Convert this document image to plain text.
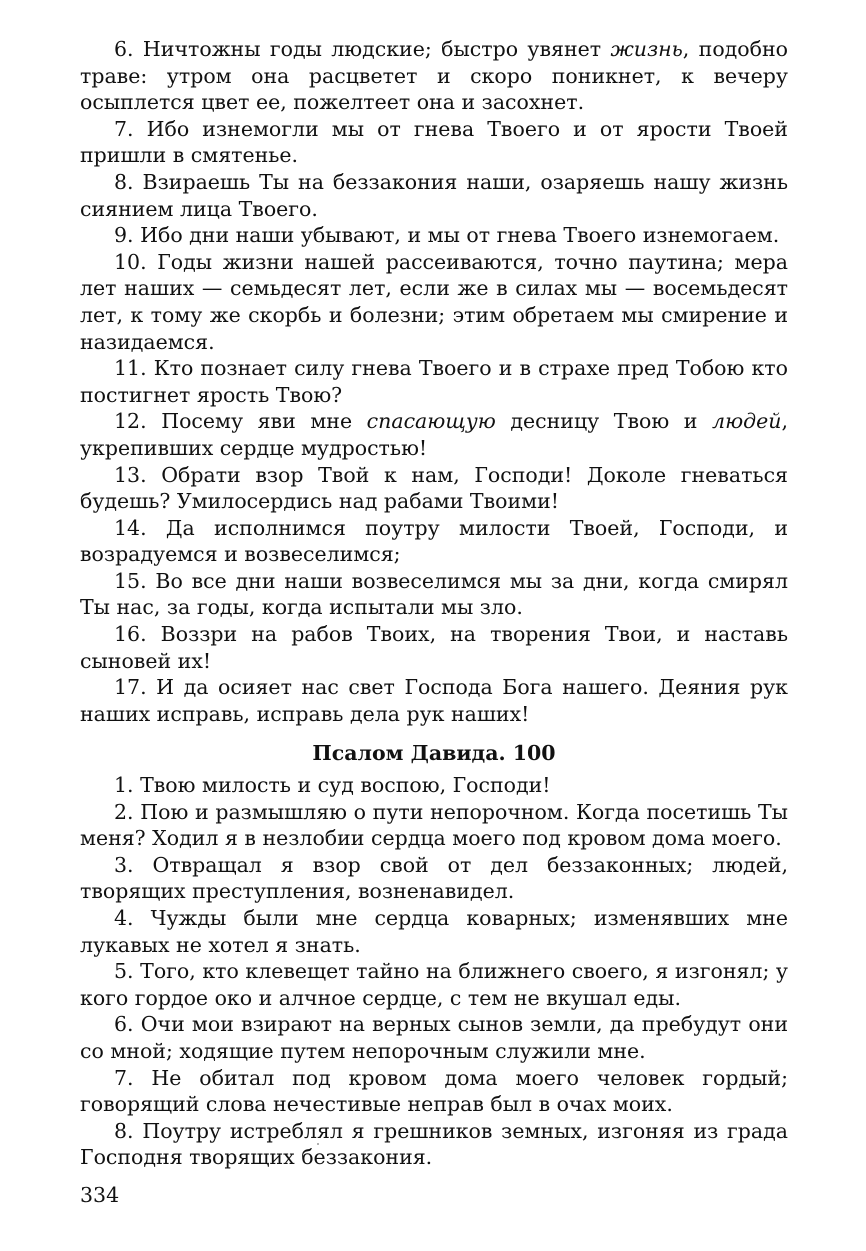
6. Ничтожны годы людские; быстро увянет жизнь, подобно траве: утром она расцветет и скоро поникнет, к вечеру осыплется цвет ее, пожелтеет она и засохнет.

7. Ибо изнемогли мы от гнева Твоего и от ярости Твоей пришли в смятенье.

8. Взираешь Ты на беззакония наши, озаряешь нашу жизнь сиянием лица Твоего.

9. Ибо дни наши убывают, и мы от гнева Твоего изнемогаем.

10. Годы жизни нашей рассеиваются, точно паутина; мера лет наших — семьдесят лет, если же в силах мы — восемьдесят лет, к тому же скорбь и болезни; этим обретаем мы смирение и назидаемся.

11. Кто познает силу гнева Твоего и в страхе пред Тобою кто постигнет ярость Твою?

12. Посему яви мне спасающую десницу Твою и людей, укрепивших сердце мудростью!

13. Обрати взор Твой к нам, Господи! Доколе гневаться будешь? Умилосердись над рабами Твоими!

14. Да исполнимся поутру милости Твоей, Господи, и возрадуемся и возвеселимся;

15. Во все дни наши возвеселимся мы за дни, когда смирял Ты нас, за годы, когда испытали мы зло.

16. Воззри на рабов Твоих, на творения Твои, и наставь сыновей их!

17. И да осияет нас свет Господа Бога нашего. Деяния рук наших исправь, исправь дела рук наших!

Псалом Давида. 100

1. Твою милость и суд воспою, Господи!

2. Пою и размышляю о пути непорочном. Когда посетишь Ты меня? Ходил я в незлобии сердца моего под кровом дома моего.

3. Отвращал я взор свой от дел беззаконных; людей, творящих преступления, возненавидел.

4. Чужды были мне сердца коварных; изменявших мне лукавых не хотел я знать.

5. Того, кто клевещет тайно на ближнего своего, я изгонял; у кого гордое око и алчное сердце, с тем не вкушал еды.

6. Очи мои взирают на верных сынов земли, да пребудут они со мной; ходящие путем непорочным служили мне.

7. Не обитал под кровом дома моего человек гордый; говорящий слова нечестивые неправ был в очах моих.

8. Поутру истреблял я грешников земных, изгоняя из града Господня творящих беззакония.

334
